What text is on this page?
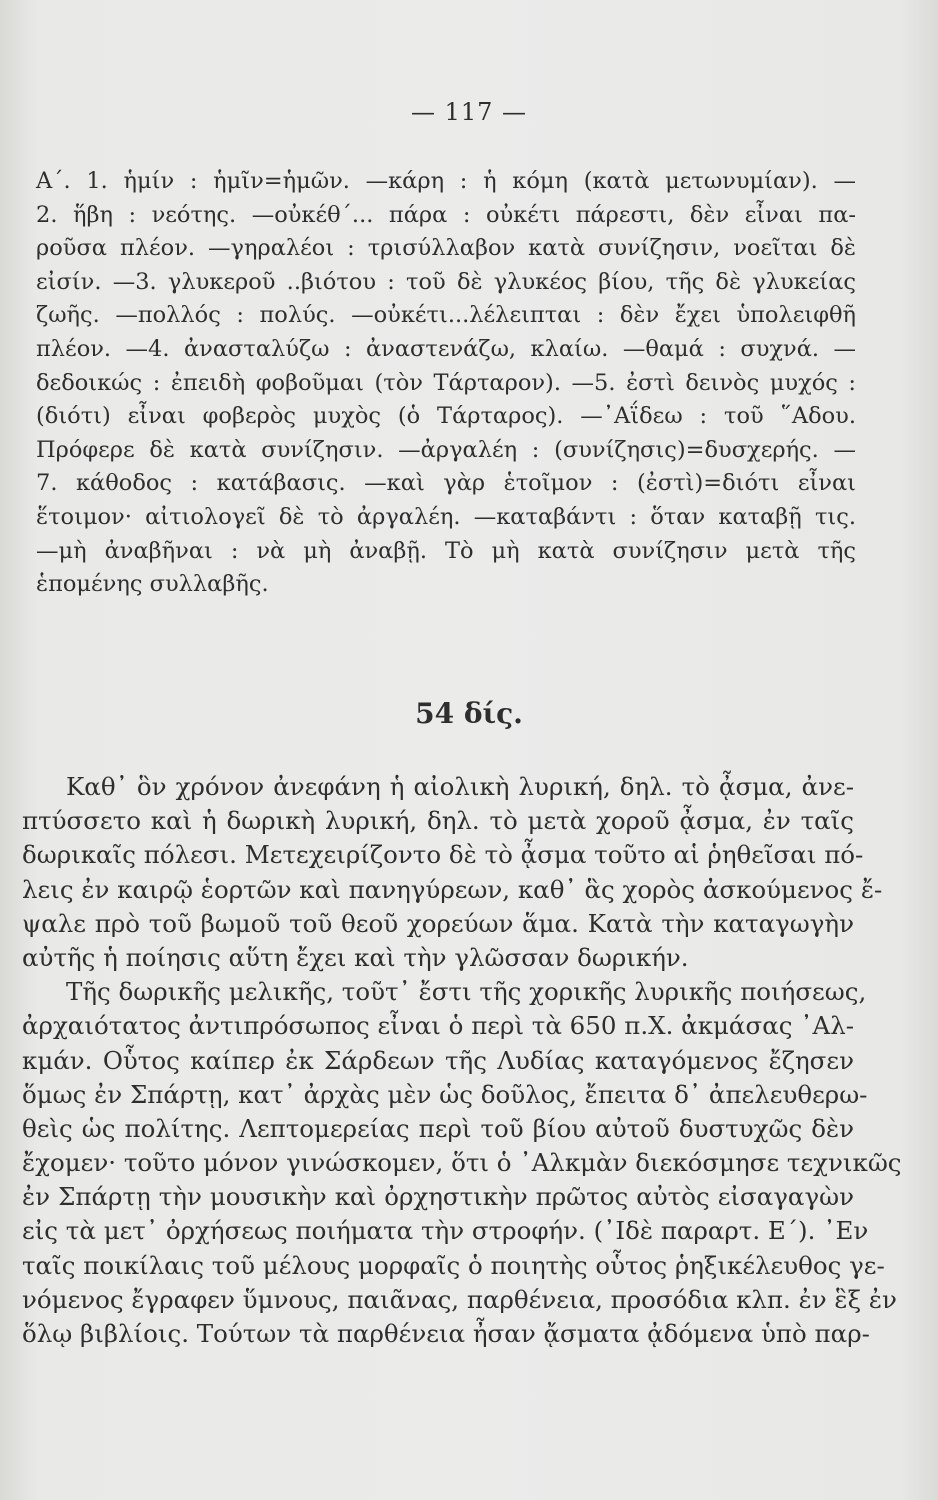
— 117 —
Α΄. 1. ἡμίν : ἡμῖν=ἡμῶν. —κάρη : ἡ κόμη (κατὰ μετωνυμίαν). —
2. ἥβη : νεότης. —οὐκέθ΄... πάρα : οὐκέτι πάρεστι, δὲν εἶναι πα-
ροῦσα πλέον. —γηραλέοι : τρισύλλαβον κατὰ συνίζησιν, νοεῖται δὲ
εἰσίν. —3. γλυκεροῦ ..βιότου : τοῦ δὲ γλυκέος βίου, τῆς δὲ γλυκείας
ζωῆς. —πολλός : πολύς. —οὐκέτι...λέλειπται : δὲν ἔχει ὑπολειφθῆ
πλέον. —4. ἀνασταλύζω : ἀναστενάζω, κλαίω. —θαμά : συχνά. —
δεδοικώς : ἐπειδὴ φοβοῦμαι (τὸν Τάρταρον). —5. ἐστὶ δεινὸς μυχός :
(διότι) εἶναι φοβερὸς μυχὸς (ὁ Τάρταρος). —᾿Αΐδεω : τοῦ ῞Αδου.
Πρόφερε δὲ κατὰ συνίζησιν. —ἀργαλέη : (συνίζησις)=δυσχερής. —
7. κάθοδος : κατάβασις. —καὶ γὰρ ἑτοῖμον : (ἐστὶ)=διότι εἶναι
ἕτοιμον· αἰτιολογεῖ δὲ τὸ ἀργαλέη. —καταβάντι : ὅταν καταβῇ τις.
—μὴ ἀναβῆναι : νὰ μὴ ἀναβῇ. Τὸ μὴ κατὰ συνίζησιν μετὰ τῆς
ἑπομένης συλλαβῆς.
54 δίς.
Καθ᾿ ὃν χρόνον ἀνεφάνη ἡ αἰολικὴ λυρική, δηλ. τὸ ᾆσμα, ἀνε-
πτύσσετο καὶ ἡ δωρικὴ λυρική, δηλ. τὸ μετὰ χοροῦ ᾆσμα, ἐν ταῖς
δωρικαῖς πόλεσι. Μετεχειρίζοντο δὲ τὸ ᾆσμα τοῦτο αἱ ῥηθεῖσαι πό-
λεις ἐν καιρῷ ἑορτῶν καὶ πανηγύρεων, καθ᾿ ἃς χορὸς ἀσκούμενος ἔ-
ψαλε πρὸ τοῦ βωμοῦ τοῦ θεοῦ χορεύων ἅμα. Κατὰ τὴν καταγωγὴν
αὐτῆς ἡ ποίησις αὕτη ἔχει καὶ τὴν γλῶσσαν δωρικήν.
Τῆς δωρικῆς μελικῆς, τοῦτ᾿ ἔστι τῆς χορικῆς λυρικῆς ποιήσεως,
ἀρχαιότατος ἀντιπρόσωπος εἶναι ὁ περὶ τὰ 650 π.Χ. ἀκμάσας ᾿Αλ-
κμάν. Οὗτος καίπερ ἐκ Σάρδεων τῆς Λυδίας καταγόμενος ἔζησεν
ὅμως ἐν Σπάρτῃ, κατ᾿ ἀρχὰς μὲν ὡς δοῦλος, ἔπειτα δ᾿ ἀπελευθερω-
θεὶς ὡς πολίτης. Λεπτομερείας περὶ τοῦ βίου αὐτοῦ δυστυχῶς δὲν
ἔχομεν· τοῦτο μόνον γινώσκομεν, ὅτι ὁ ᾿Αλκμὰν διεκόσμησε τεχνικῶς
ἐν Σπάρτῃ τὴν μουσικὴν καὶ ὀρχηστικὴν πρῶτος αὐτὸς εἰσαγαγὼν
εἰς τὰ μετ᾿ ὀρχήσεως ποιήματα τὴν στροφήν. (᾿Ιδὲ παραρτ. Ε΄). ᾿Εν
ταῖς ποικίλαις τοῦ μέλους μορφαῖς ὁ ποιητὴς οὗτος ῥηξικέλευθος γε-
νόμενος ἔγραφεν ὕμνους, παιᾶνας, παρθένεια, προσόδια κλπ. ἐν ἓξ ἐν
ὅλῳ βιβλίοις. Τούτων τὰ παρθένεια ἦσαν ᾄσματα ᾀδόμενα ὑπὸ παρ-
